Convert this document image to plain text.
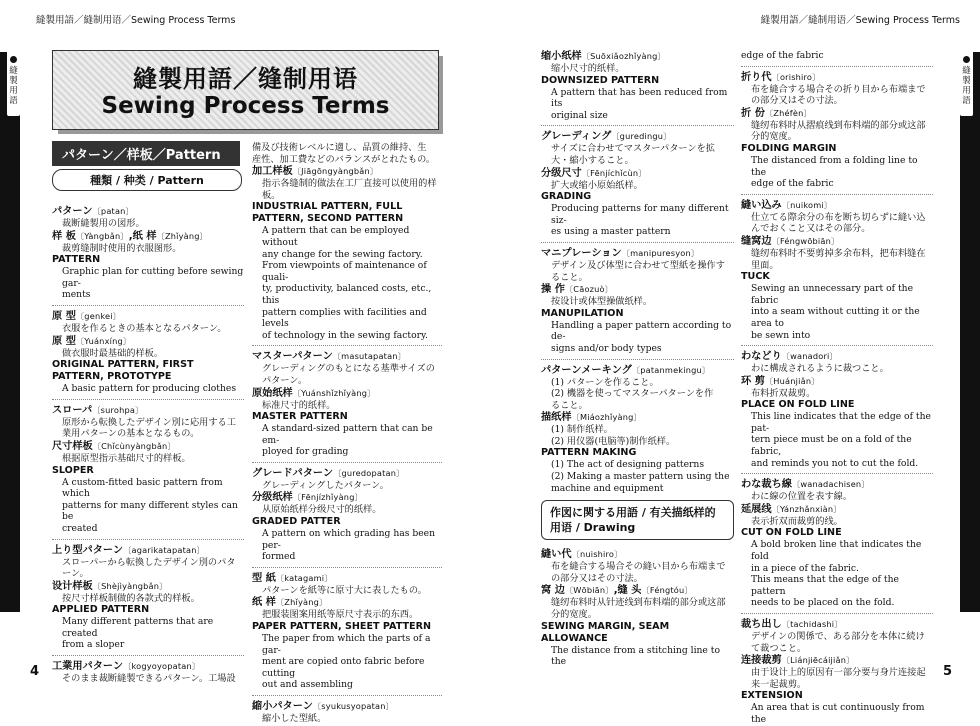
縫製用語／縫制用语／Sewing Process Terms	縫製用語／縫制用语／Sewing Process Terms
縫製用語
縫製用語
4	5
縫製用語／缝制用语
Sewing Process Terms
パターン／样板／Pattern
種類 / 种类 / Pattern
パターン〔patan〕
裁断縫製用の図形。
样 板〔Yàngbǎn〕,纸 样〔Zhǐyàng〕
裁剪缝制时使用的衣服图形。
PATTERN
Graphic plan for cutting before sewing gar-
ments
原 型〔genkei〕
衣服を作るときの基本となるパターン。
原 型〔Yuánxíng〕
做衣服时最基础的样板。
ORIGINAL PATTERN, FIRST PATTERN, PROTOTYPE
A basic pattern for producing clothes
スローパ〔surohpa〕
原形から転換したデザイン別に応用する工
業用パターンの基本となるもの。
尺寸样板〔Chǐcùnyàngbǎn〕
根据原型指示基础尺寸的样板。
SLOPER
A custom-fitted basic pattern from which
patterns for many different styles can be
created
上り型パターン〔agarikatapatan〕
スローパーから転換したデザイン別のパタ
ーン。
设计样板〔Shèjìyàngbǎn〕
按尺寸样板制做的各款式的样板。
APPLIED PATTERN
Many different patterns that are created
from a sloper
工業用パターン〔kogyoyopatan〕
そのまま裁断縫製できるパターン。工場設
備及び技術レベルに適し、品質の維持、生
産性、加工費などのバランスがとれたもの。
加工样板〔Jiāgōngyàngbǎn〕
指示各缝制的做法在工厂直接可以使用的样
板。
INDUSTRIAL PATTERN, FULL PATTERN, SECOND PATTERN
A pattern that can be employed without
any change for the sewing factory.
From viewpoints of maintenance of quali-
ty, productivity, balanced costs, etc., this
pattern complies with facilities and levels
of technology in the sewing factory.
マスターパターン〔masutapatan〕
グレーディングのもとになる基準サイズの
パターン。
原始纸样〔Yuánshǐzhǐyàng〕
标准尺寸的纸样。
MASTER PATTERN
A standard-sized pattern that can be em-
ployed for grading
グレードパターン〔guredopatan〕
グレーディングしたパターン。
分级纸样〔Fēnjízhǐyàng〕
从原始纸样分级尺寸的纸样。
GRADED PATTER
A pattern on which grading has been per-
formed
型 紙〔katagami〕
パターンを紙等に原寸大に表したもの。
纸 样〔Zhǐyàng〕
把服装图案用纸等原尺寸表示的东西。
PAPER PATTERN, SHEET PATTERN
The paper from which the parts of a gar-
ment are copied onto fabric before cutting
out and assembling
縮小パターン〔syukusyopatan〕
縮小した型紙。
缩小纸样〔Suōxiǎozhǐyàng〕
缩小尺寸的纸样。
DOWNSIZED PATTERN
A pattern that has been reduced from its
original size
グレーディング〔guredingu〕
サイズに合わせてマスターパターンを拡
大・縮小すること。
分级尺寸〔Fēnjíchǐcùn〕
扩大或缩小原始纸样。
GRADING
Producing patterns for many different siz-
es using a master pattern
マニプレーション〔manipuresyon〕
デザイン及び体型に合わせて型紙を操作す
ること。
操 作〔Cāozuò〕
按设计或体型操做纸样。
MANUPILATION
Handling a paper pattern according to de-
signs and/or body types
パターンメーキング〔patanmekingu〕
(1) パターンを作ること。
(2) 機器を使ってマスターパターンを作
ること。
描纸样〔Miáozhǐyàng〕
(1) 制作纸样。
(2) 用仪器(电脑等)制作纸样。
PATTERN MAKING
(1) The act of designing patterns
(2) Making a master pattern using the
machine and equipment
作図に関する用語 / 有关描纸样的用语 / Drawing
縫い代〔nuishiro〕
布を縫合する場合その縫い目から布端まで
の部分又はその寸法。
窝 边〔Wōbiān〕,缝 头〔Féngtóu〕
缝纫布料时从针迹线到布料端的部分或这部
分的宽度。
SEWING MARGIN, SEAM ALLOWANCE
The distance from a stitching line to the
edge of the fabric
折り代〔orishiro〕
布を縫合する場合その折り目から布端まで
の部分又はその寸法。
折 份〔Zhéfèn〕
缝纫布料时从摺痕线到布料端的部分或这部
分的宽度。
FOLDING MARGIN
The distanced from a folding line to the
edge of the fabric
縫い込み〔nuikomi〕
仕立てる際余分の布を断ち切らずに縫い込
んでおくこと又はその部分。
缝窝边〔Féngwōbiān〕
缝纫布料时不要剪掉多余布料，把布料缝在
里面。
TUCK
Sewing an unnecessary part of the fabric
into a seam without cutting it or the area to
be sewn into
わなどり〔wanadori〕
わに構成されるように裁つこと。
环 剪〔Huánjiǎn〕
布料折双裁剪。
PLACE ON FOLD LINE
This line indicates that the edge of the pat-
tern piece must be on a fold of the fabric,
and reminds you not to cut the fold.
わな裁ち線〔wanadachisen〕
わに線の位置を表す線。
延展线〔Yánzhǎnxiàn〕
表示折双而裁剪的线。
CUT ON FOLD LINE
A bold broken line that indicates the fold
in a piece of the fabric.
This means that the edge of the pattern
needs to be placed on the fold.
裁ち出し〔tachidashi〕
デザインの関係で、ある部分を本体に続け
て裁つこと。
连接裁剪〔Liánjiēcáijiǎn〕
由于设计上的原因有一部分要与身片连接起
来一起裁剪。
EXTENSION
An area that is cut continuously from the
